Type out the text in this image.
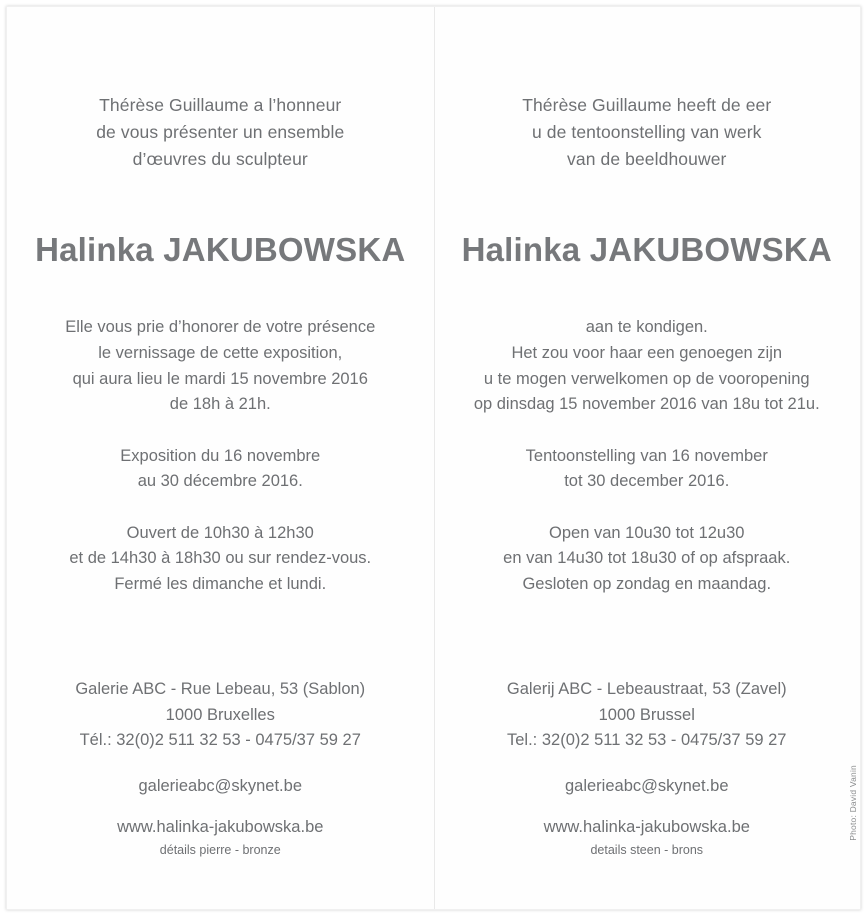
Thérèse Guillaume a l’honneur
de vous présenter un ensemble
d’œuvres du sculpteur
Halinka JAKUBOWSKA
Elle vous prie d’honorer de votre présence
le vernissage de cette exposition,
qui aura lieu le mardi 15 novembre 2016
de 18h à 21h.
Exposition du 16 novembre
au 30 décembre 2016.
Ouvert de 10h30 à 12h30
et de 14h30 à 18h30 ou sur rendez-vous.
Fermé les dimanche et lundi.
Galerie ABC - Rue Lebeau, 53 (Sablon)
1000 Bruxelles
Tél.: 32(0)2 511 32 53 - 0475/37 59 27
galerieabc@skynet.be
www.halinka-jakubowska.be
détails pierre - bronze
Thérèse Guillaume heeft de eer
u de tentoonstelling van werk
van de beeldhouwer
Halinka JAKUBOWSKA
aan te kondigen.
Het zou voor haar een genoegen zijn
u te mogen verwelkomen op de vooropening
op dinsdag 15 november 2016 van 18u tot 21u.
Tentoonstelling van 16 november
tot 30 december 2016.
Open van 10u30 tot 12u30
en van 14u30 tot 18u30 of op afspraak.
Gesloten op zondag en maandag.
Galerij ABC - Lebeaustraat, 53 (Zavel)
1000 Brussel
Tel.: 32(0)2 511 32 53 - 0475/37 59 27
galerieabc@skynet.be
www.halinka-jakubowska.be
details steen - brons
Photo: David Vanin
